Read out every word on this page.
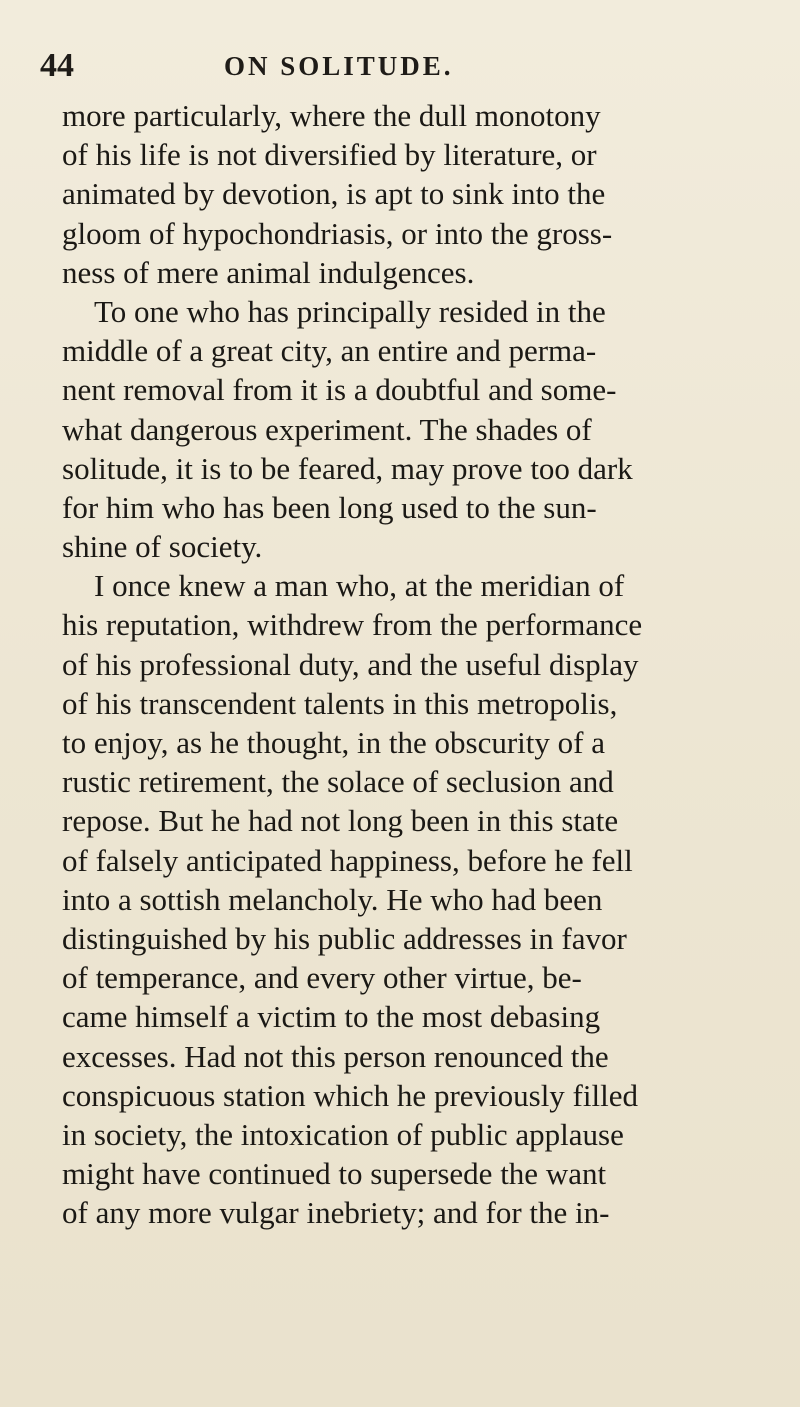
44	ON SOLITUDE.
more particularly, where the dull monotony
of his life is not diversified by literature, or
animated by devotion, is apt to sink into the
gloom of hypochondriasis, or into the gross-
ness of mere animal indulgences.
To one who has principally resided in the
middle of a great city, an entire and perma-
nent removal from it is a doubtful and some-
what dangerous experiment. The shades of
solitude, it is to be feared, may prove too dark
for him who has been long used to the sun-
shine of society.
I once knew a man who, at the meridian of
his reputation, withdrew from the performance
of his professional duty, and the useful display
of his transcendent talents in this metropolis,
to enjoy, as he thought, in the obscurity of a
rustic retirement, the solace of seclusion and
repose. But he had not long been in this state
of falsely anticipated happiness, before he fell
into a sottish melancholy. He who had been
distinguished by his public addresses in favor
of temperance, and every other virtue, be-
came himself a victim to the most debasing
excesses. Had not this person renounced the
conspicuous station which he previously filled
in society, the intoxication of public applause
might have continued to supersede the want
of any more vulgar inebriety; and for the in-
